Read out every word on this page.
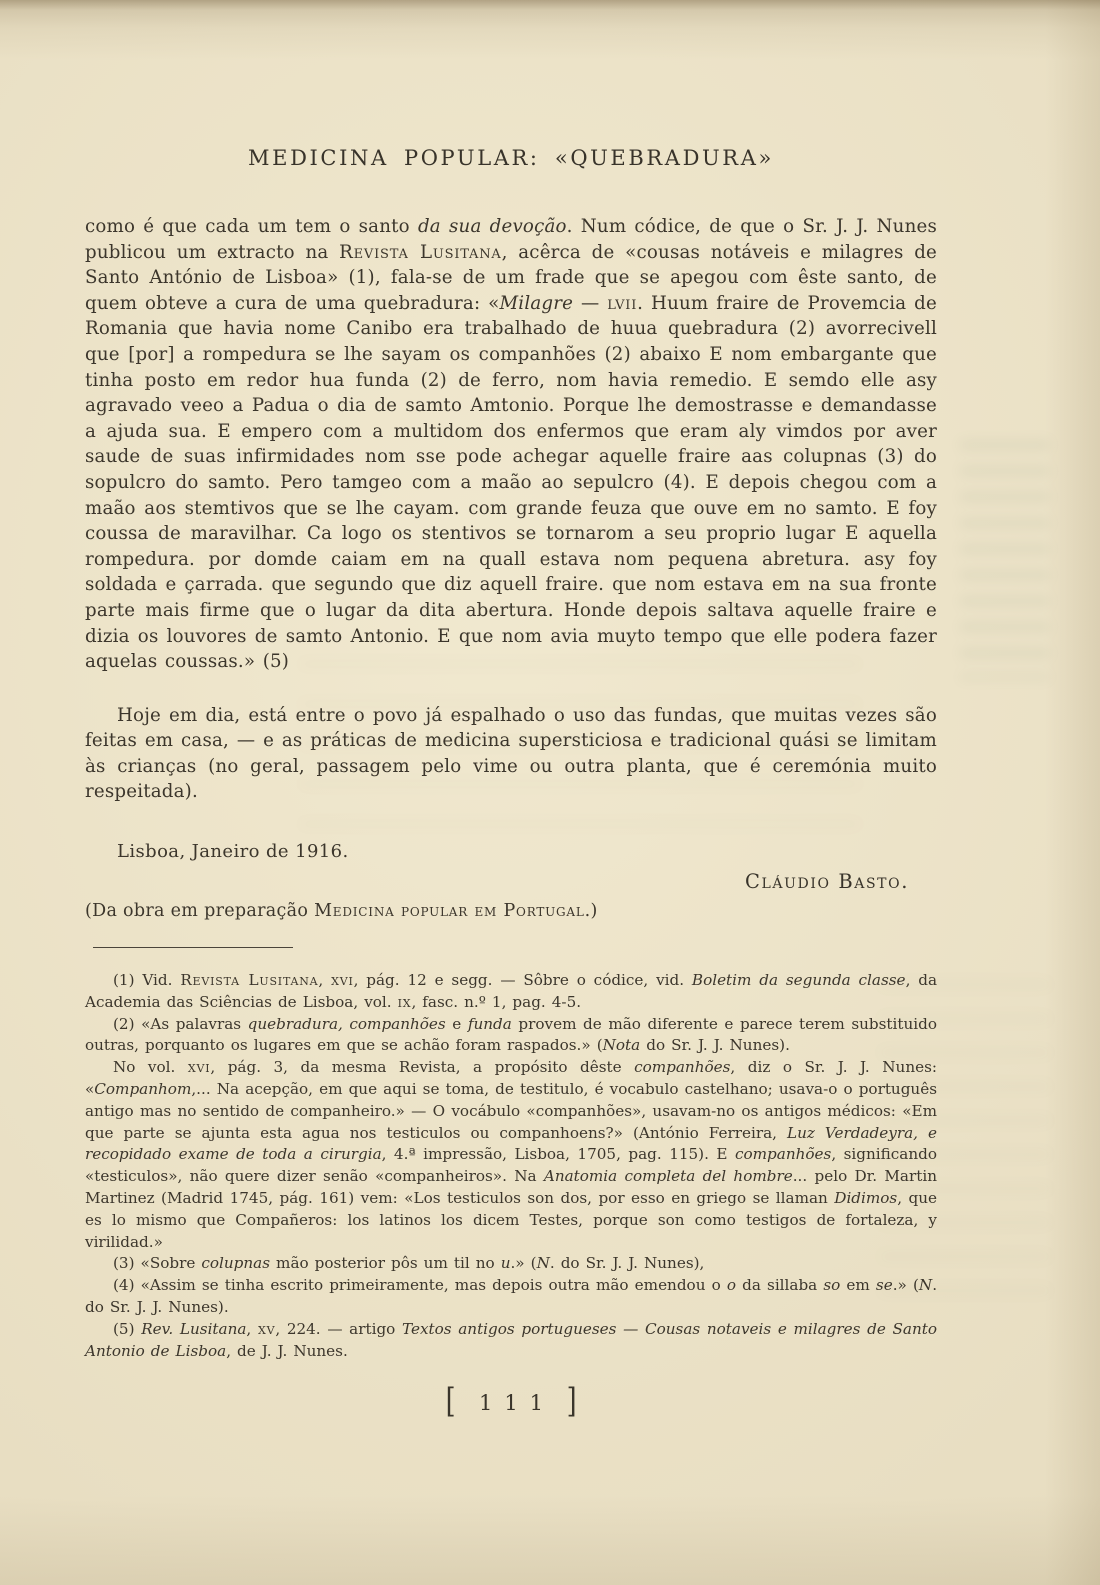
MEDICINA POPULAR: «QUEBRADURA»

como é que cada um tem o santo da sua devoção. Num códice, de que o Sr. J. J. Nunes publicou um extracto na Revista Lusitana, acêrca de «cousas notáveis e milagres de Santo António de Lisboa» (1), fala-se de um frade que se apegou com êste santo, de quem obteve a cura de uma quebradura: «Milagre — lvii. Huum fraire de Provemcia de Romania que havia nome Canibo era trabalhado de huua quebradura (2) avorrecivell que [por] a rompedura se lhe sayam os companhões (2) abaixo E nom embargante que tinha posto em redor hua funda (2) de ferro, nom havia remedio. E semdo elle asy agravado veeo a Padua o dia de samto Amtonio. Porque lhe demostrasse e demandasse a ajuda sua. E empero com a multidom dos enfermos que eram aly vimdos por aver saude de suas infirmidades nom sse pode achegar aquelle fraire aas colupnas (3) do sopulcro do samto. Pero tamgeo com a maão ao sepulcro (4). E depois chegou com a maão aos stemtivos que se lhe cayam. com grande feuza que ouve em no samto. E foy coussa de maravilhar. Ca logo os stentivos se tornarom a seu proprio lugar E aquella rompedura. por domde caiam em na quall estava nom pequena abretura. asy foy soldada e çarrada. que segundo que diz aquell fraire. que nom estava em na sua fronte parte mais firme que o lugar da dita abertura. Honde depois saltava aquelle fraire e dizia os louvores de samto Antonio. E que nom avia muyto tempo que elle podera fazer aquelas coussas.» (5)

Hoje em dia, está entre o povo já espalhado o uso das fundas, que muitas vezes são feitas em casa, — e as práticas de medicina supersticiosa e tradicional quási se limitam às crianças (no geral, passagem pelo vime ou outra planta, que é ceremónia muito respeitada).

Lisboa, Janeiro de 1916.
Cláudio Basto.
(Da obra em preparação Medicina popular em Portugal.)

(1) Vid. Revista Lusitana, xvi, pág. 12 e segg. — Sôbre o códice, vid. Boletim da segunda classe, da Academia das Sciências de Lisboa, vol. ix, fasc. n.º 1, pag. 4-5.

(2) «As palavras quebradura, companhões e funda provem de mão diferente e parece terem substituido outras, porquanto os lugares em que se achão foram raspados.» (Nota do Sr. J. J. Nunes).

No vol. xvi, pág. 3, da mesma Revista, a propósito dêste companhões, diz o Sr. J. J. Nunes: «Companhom,... Na acepção, em que aqui se toma, de testitulo, é vocabulo castelhano; usava-o o português antigo mas no sentido de companheiro.» — O vocábulo «companhões», usavam-no os antigos médicos: «Em que parte se ajunta esta agua nos testiculos ou companhoens?» (António Ferreira, Luz Verdadeyra, e recopidado exame de toda a cirurgia, 4.ª impressão, Lisboa, 1705, pag. 115). E companhões, significando «testiculos», não quere dizer senão «companheiros». Na Anatomia completa del hombre... pelo Dr. Martin Martinez (Madrid 1745, pág. 161) vem: «Los testiculos son dos, por esso en griego se llaman Didimos, que es lo mismo que Compañeros: los latinos los dicem Testes, porque son como testigos de fortaleza, y virilidad.»

(3) «Sobre colupnas mão posterior pôs um til no u.» (N. do Sr. J. J. Nunes),

(4) «Assim se tinha escrito primeiramente, mas depois outra mão emendou o o da sillaba so em se.» (N. do Sr. J. J. Nunes).

(5) Rev. Lusitana, xv, 224. — artigo Textos antigos portugueses — Cousas notaveis e milagres de Santo Antonio de Lisboa, de J. J. Nunes.

[ 111 ]
